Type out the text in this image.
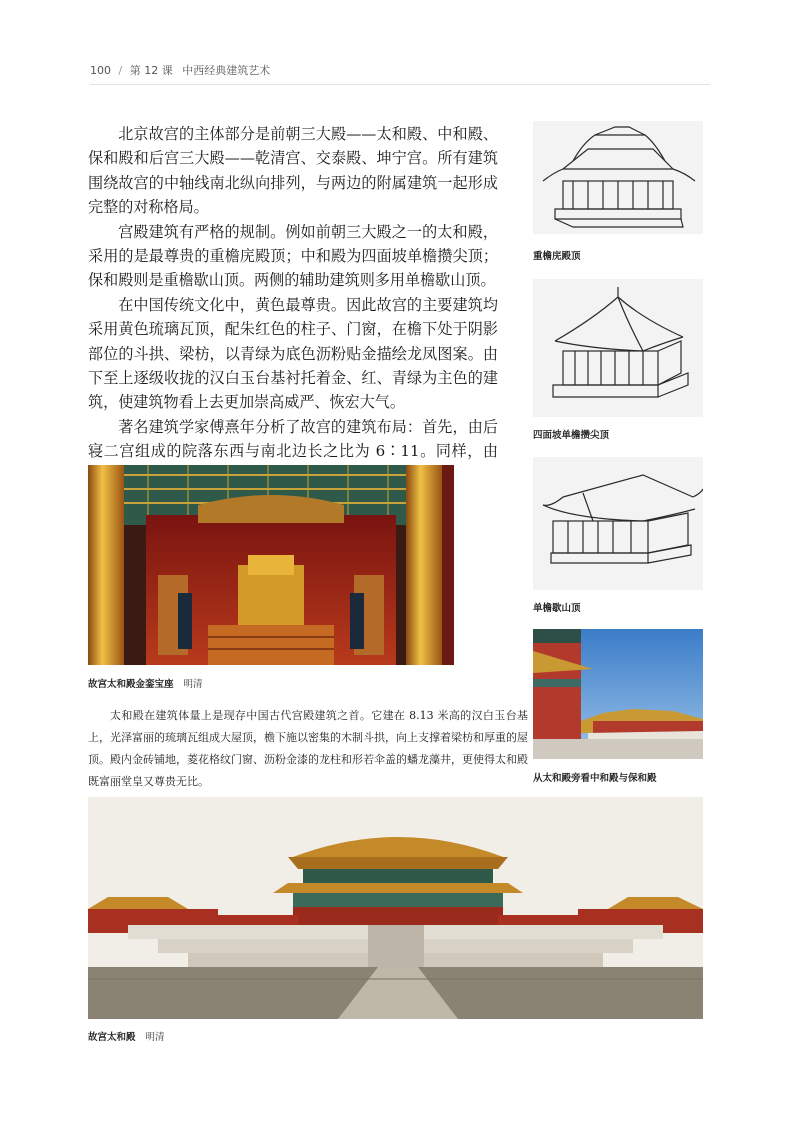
100 / 第 12 课 中西经典建筑艺术

北京故宫的主体部分是前朝三大殿——太和殿、中和殿、保和殿和后宫三大殿——乾清宫、交泰殿、坤宁宫。所有建筑围绕故宫的中轴线南北纵向排列，与两边的附属建筑一起形成完整的对称格局。

宫殿建筑有严格的规制。例如前朝三大殿之一的太和殿，采用的是最尊贵的重檐庑殿顶；中和殿为四面坡单檐攒尖顶；保和殿则是重檐歇山顶。两侧的辅助建筑则多用单檐歇山顶。

在中国传统文化中，黄色最尊贵。因此故宫的主要建筑均采用黄色琉璃瓦顶，配朱红色的柱子、门窗，在檐下处于阴影部位的斗拱、梁枋，以青绿为底色沥粉贴金描绘龙凤图案。由下至上逐级收拢的汉白玉台基衬托着金、红、青绿为主色的建筑，使建筑物看上去更加崇高威严、恢宏大气。

著名建筑学家傅熹年分析了故宫的建筑布局：首先，由后寝二宫组成的院落东西与南北边长之比为 6∶11。同样，由

重檐庑殿顶
四面坡单檐攒尖顶
单檐歇山顶
从太和殿旁看中和殿与保和殿
故宫太和殿金銮宝座 明清

太和殿在建筑体量上是现存中国古代宫殿建筑之首。它建在 8.13 米高的汉白玉台基上，光泽富丽的琉璃瓦组成大屋顶，檐下施以密集的木制斗拱，向上支撑着梁枋和厚重的屋顶。殿内金砖铺地，菱花格纹门窗、沥粉金漆的龙柱和形若伞盖的蟠龙藻井，更使得太和殿既富丽堂皇又尊贵无比。

故宫太和殿 明清
